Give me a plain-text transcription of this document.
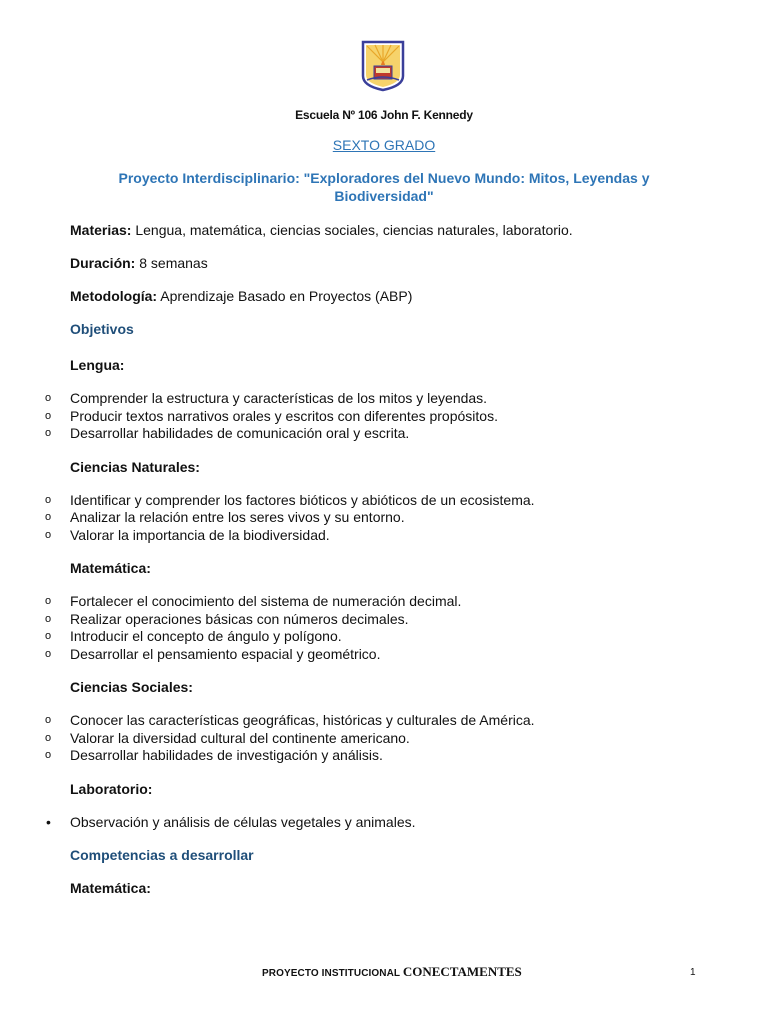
Escuela Nº 106 John F. Kennedy
SEXTO GRADO
Proyecto Interdisciplinario: "Exploradores del Nuevo Mundo: Mitos, Leyendas y Biodiversidad"

Materias: Lengua, matemática, ciencias sociales, ciencias naturales, laboratorio.

Duración: 8 semanas

Metodología: Aprendizaje Basado en Proyectos (ABP)

Objetivos

Lengua:

o Comprender la estructura y características de los mitos y leyendas.
o Producir textos narrativos orales y escritos con diferentes propósitos.
o Desarrollar habilidades de comunicación oral y escrita.

Ciencias Naturales:

o Identificar y comprender los factores bióticos y abióticos de un ecosistema.
o Analizar la relación entre los seres vivos y su entorno.
o Valorar la importancia de la biodiversidad.

Matemática:

o Fortalecer el conocimiento del sistema de numeración decimal.
o Realizar operaciones básicas con números decimales.
o Introducir el concepto de ángulo y polígono.
o Desarrollar el pensamiento espacial y geométrico.

Ciencias Sociales:

o Conocer las características geográficas, históricas y culturales de América.
o Valorar la diversidad cultural del continente americano.
o Desarrollar habilidades de investigación y análisis.

Laboratorio:

• Observación y análisis de células vegetales y animales.

Competencias a desarrollar

Matemática:

PROYECTO INSTITUCIONAL CONECTAMENTES	1
